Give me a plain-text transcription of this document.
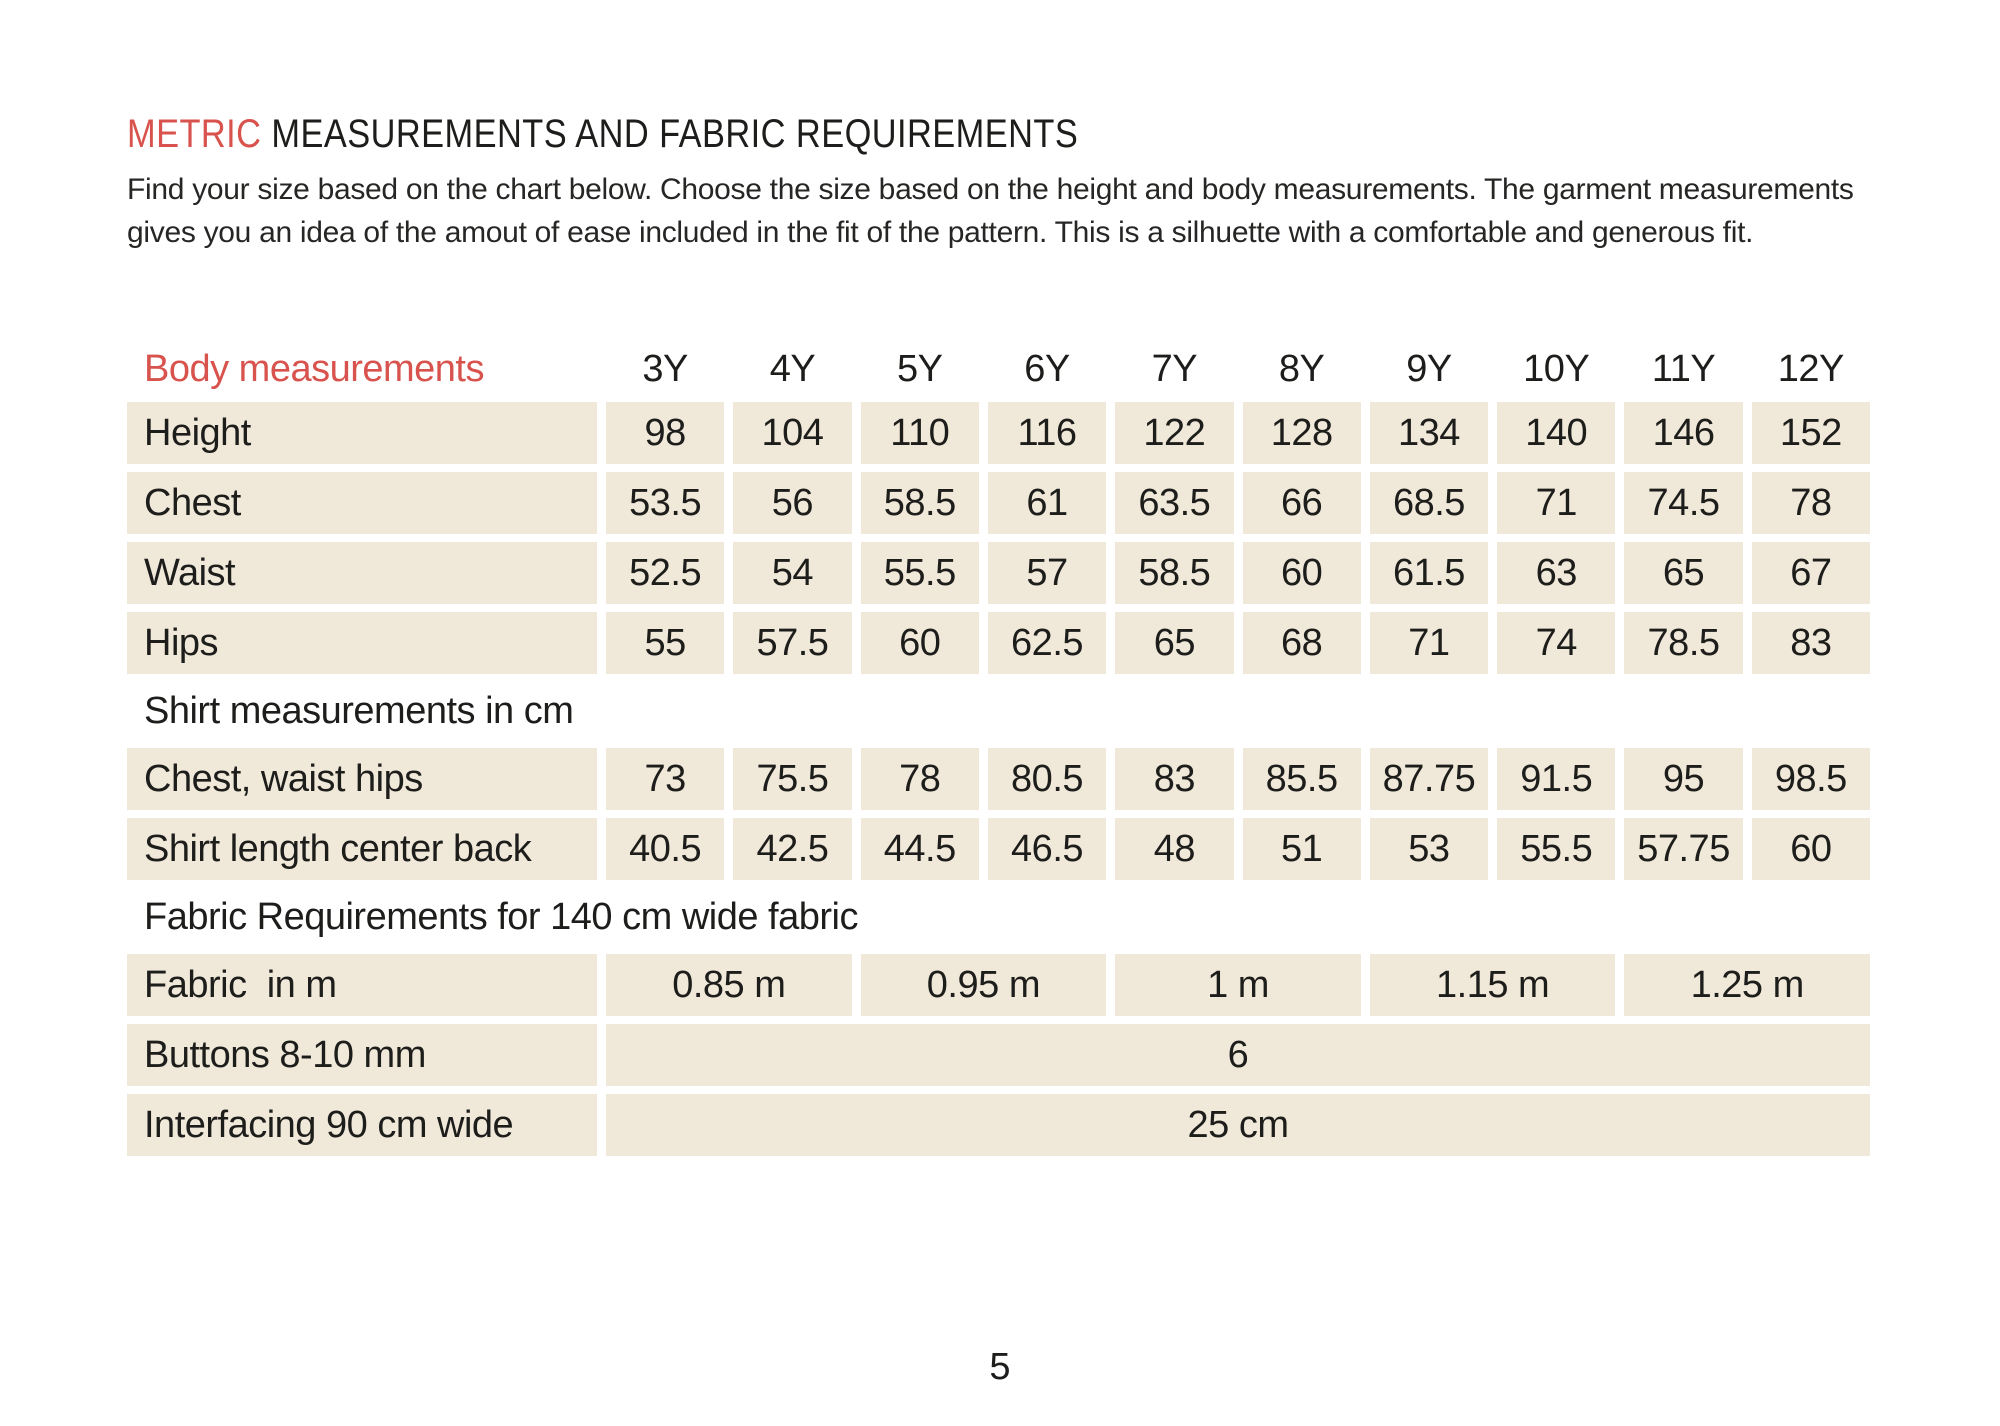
METRIC MEASUREMENTS AND FABRIC REQUIREMENTS
Find your size based on the chart below. Choose the size based on the height and body measurements. The garment measurements
gives you an idea of the amout of ease included in the fit of the pattern. This is a silhuette with a comfortable and generous fit.
Body measurements	3Y	4Y	5Y	6Y	7Y	8Y	9Y	10Y	11Y	12Y
Height	98	104	110	116	122	128	134	140	146	152
Chest	53.5	56	58.5	61	63.5	66	68.5	71	74.5	78
Waist	52.5	54	55.5	57	58.5	60	61.5	63	65	67
Hips	55	57.5	60	62.5	65	68	71	74	78.5	83
Shirt measurements in cm
Chest, waist hips	73	75.5	78	80.5	83	85.5	87.75	91.5	95	98.5
Shirt length center back	40.5	42.5	44.5	46.5	48	51	53	55.5	57.75	60
Fabric Requirements for 140 cm wide fabric
Fabric  in m	0.85 m	0.95 m	1 m	1.15 m	1.25 m
Buttons 8-10 mm	6
Interfacing 90 cm wide	25 cm
5
